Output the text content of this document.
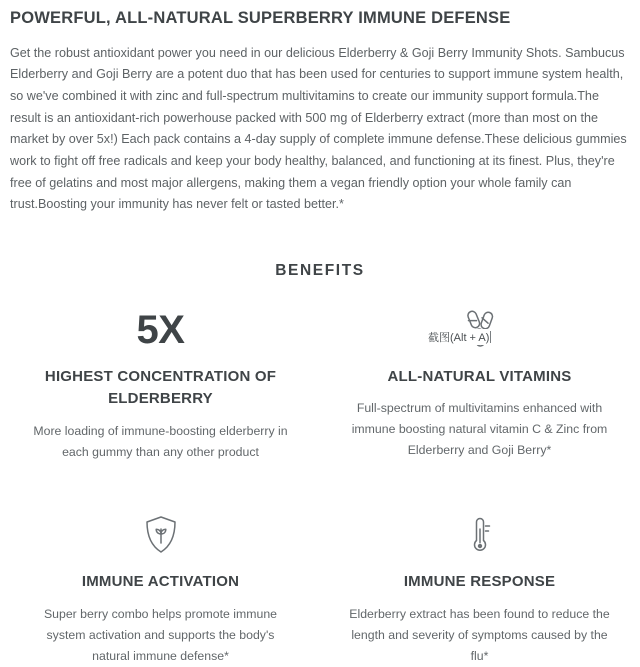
POWERFUL, ALL-NATURAL SUPERBERRY IMMUNE DEFENSE

Get the robust antioxidant power you need in our delicious Elderberry & Goji Berry Immunity Shots. Sambucus Elderberry and Goji Berry are a potent duo that has been used for centuries to support immune system health, so we've combined it with zinc and full-spectrum multivitamins to create our immunity support formula.The result is an antioxidant-rich powerhouse packed with 500 mg of Elderberry extract (more than most on the market by over 5x!) Each pack contains a 4-day supply of complete immune defense.These delicious gummies work to fight off free radicals and keep your body healthy, balanced, and functioning at its finest. Plus, they're free of gelatins and most major allergens, making them a vegan friendly option your whole family can trust.Boosting your immunity has never felt or tasted better.*

BENEFITS
5X
HIGHEST CONCENTRATION OF ELDERBERRY
More loading of immune-boosting elderberry in each gummy than any other product
ALL-NATURAL VITAMINS
Full-spectrum of multivitamins enhanced with immune boosting natural vitamin C & Zinc from Elderberry and Goji Berry*
IMMUNE ACTIVATION
Super berry combo helps promote immune system activation and supports the body's natural immune defense*
IMMUNE RESPONSE
Elderberry extract has been found to reduce the length and severity of symptoms caused by the flu*
截图(Alt + A)
